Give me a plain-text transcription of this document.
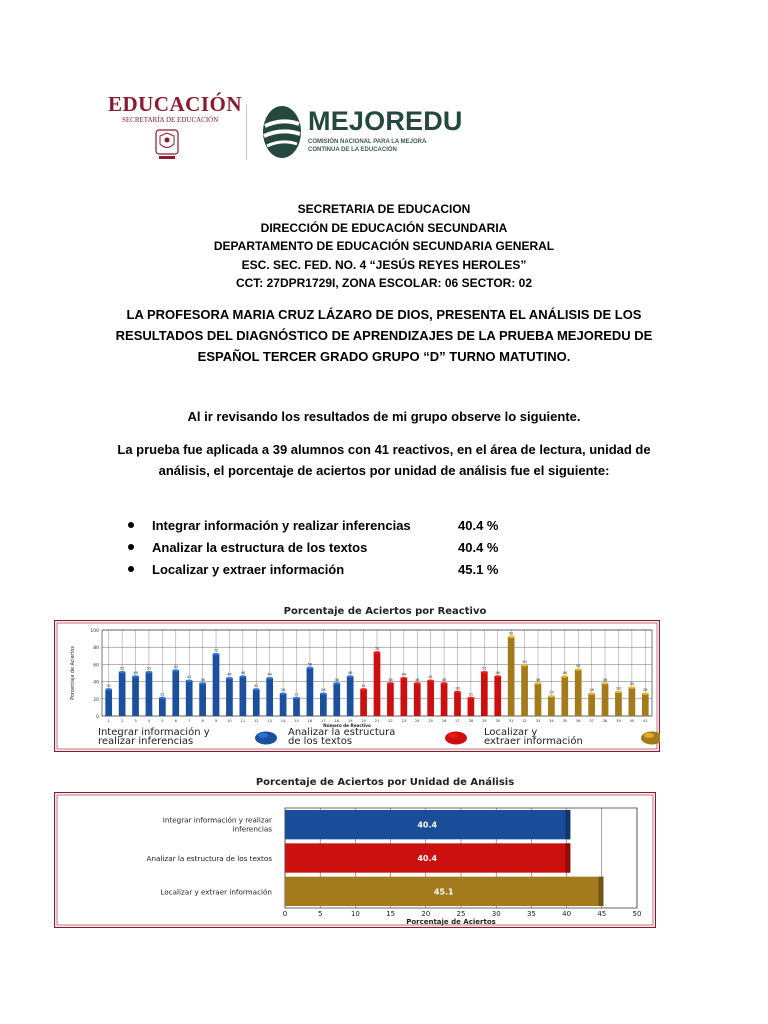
EDUCACIÓN
SECRETARÍA DE EDUCACIÓN	MEJOREDU
COMISIÓN NACIONAL PARA LA MEJORA
CONTINUA DE LA EDUCACIÓN
SECRETARIA DE EDUCACION
DIRECCIÓN DE EDUCACIÓN SECUNDARIA
DEPARTAMENTO DE EDUCACIÓN SECUNDARIA GENERAL
ESC. SEC. FED. NO. 4 “JESÚS REYES HEROLES”
CCT: 27DPR1729I, ZONA ESCOLAR: 06 SECTOR: 02
LA PROFESORA MARIA CRUZ LÁZARO DE DIOS, PRESENTA EL ANÁLISIS DE LOS
RESULTADOS DEL DIAGNÓSTICO DE APRENDIZAJES DE LA PRUEBA MEJOREDU DE
ESPAÑOL TERCER GRADO GRUPO “D” TURNO MATUTINO.
Al ir revisando los resultados de mi grupo observe lo siguiente.
La prueba fue aplicada a 39 alumnos con 41 reactivos, en el área de lectura, unidad de
análisis, el porcentaje de aciertos por unidad de análisis fue el siguiente:
Integrar información y realizar inferencias	40.4 %
Analizar la estructura de los textos	40.4 %
Localizar y extraer información	45.1 %
Porcentaje de Aciertos por Reactivo
0
20
40
60
80
100
31
1
51
2
46
3
51
4
21
5
53
6
41
7
38
8
72
9
44
10
46
11
31
12
44
13
26
14
21
15
56
16
26
17
38
18
46
19
31
20
74
21
38
22
44
23
38
24
41
25
38
26
28
27
21
28
51
29
46
30
92
31
59
32
38
33
23
34
46
35
54
36
26
37
38
38
28
39
33
40
26
41
Número de Reactivo
Porcentaje de Aciertos
Integrar información y
realizar inferencias
Analizar la estructura
de los textos
Localizar y
extraer información
Porcentaje de Aciertos por Unidad de Análisis
0	5	10	15	20	25	30	35	40	45	50
Porcentaje de Aciertos
40.4
Integrar información y realizar
inferencias
40.4
Analizar la estructura de los textos
45.1
Localizar y extraer información
